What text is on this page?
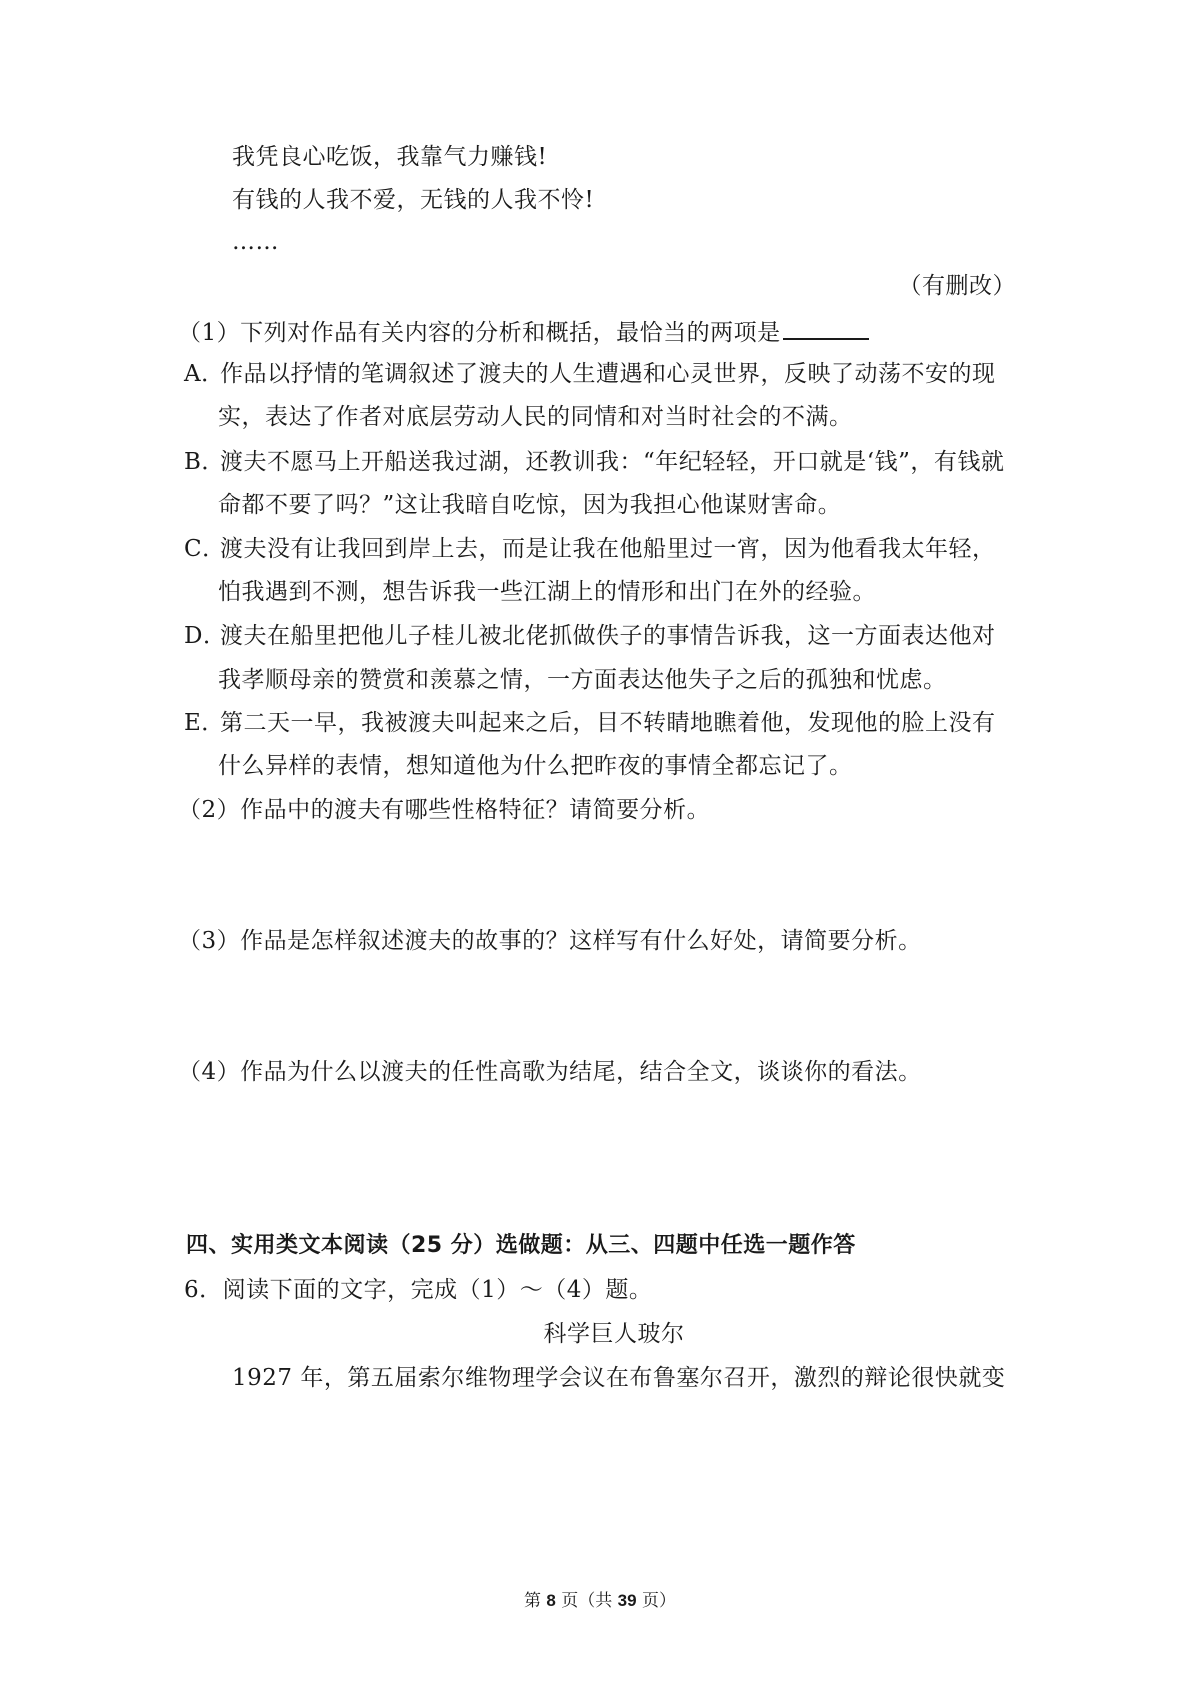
我凭良心吃饭，我靠气力赚钱!
有钱的人我不爱，无钱的人我不怜!
……
（有删改）
（1）下列对作品有关内容的分析和概括，最恰当的两项是
A．
作品以抒情的笔调叙述了渡夫的人生遭遇和心灵世界，反映了动荡不安的现
实，表达了作者对底层劳动人民的同情和对当时社会的不满。
B．
渡夫不愿马上开船送我过湖，还教训我：“年纪轻轻，开口就是‘钱”，有钱就
命都不要了吗？”这让我暗自吃惊，因为我担心他谋财害命。
C．
渡夫没有让我回到岸上去，而是让我在他船里过一宵，因为他看我太年轻，
怕我遇到不测，想告诉我一些江湖上的情形和出门在外的经验。
D．
渡夫在船里把他儿子桂儿被北佬抓做佚子的事情告诉我，这一方面表达他对
我孝顺母亲的赞赏和羡慕之情，一方面表达他失子之后的孤独和忧虑。
E．
第二天一早，我被渡夫叫起来之后，目不转睛地瞧着他，发现他的脸上没有
什么异样的表情，想知道他为什么把昨夜的事情全都忘记了。
（2）作品中的渡夫有哪些性格特征？请简要分析。
（3）作品是怎样叙述渡夫的故事的？这样写有什么好处，请简要分析。
（4）作品为什么以渡夫的任性高歌为结尾，结合全文，谈谈你的看法。
四、实用类文本阅读（25 分）选做题：从三、四题中任选一题作答
6．阅读下面的文字，完成（1）～（4）题。
科学巨人玻尔
1927 年，第五届索尔维物理学会议在布鲁塞尔召开，激烈的辩论很快就变
第 8 页（共 39 页）
